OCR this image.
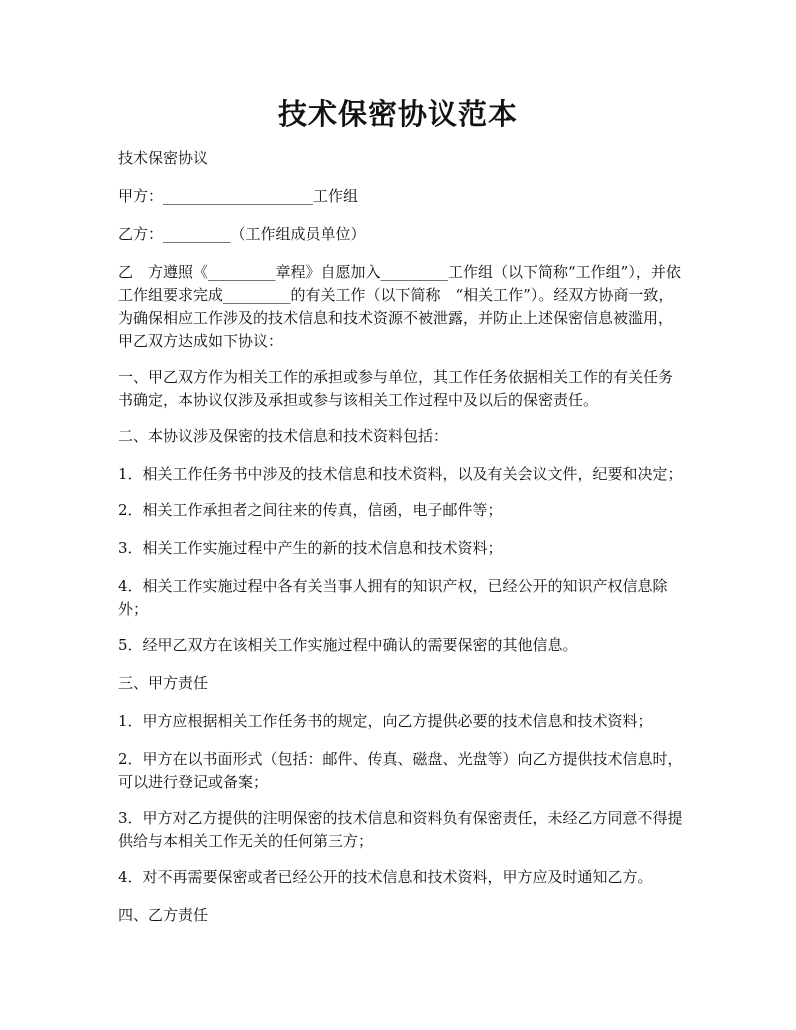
技术保密协议范本

技术保密协议

甲方：____________________工作组

乙方：_________（工作组成员单位）

乙　方遵照《_________章程》自愿加入_________工作组（以下简称“工作组”），并依工作组要求完成_________的有关工作（以下简称　“相关工作”）。经双方协商一致，为确保相应工作涉及的技术信息和技术资源不被泄露，并防止上述保密信息被滥用，甲乙双方达成如下协议：

一、甲乙双方作为相关工作的承担或参与单位，其工作任务依据相关工作的有关任务书确定，本协议仅涉及承担或参与该相关工作过程中及以后的保密责任。

二、本协议涉及保密的技术信息和技术资料包括：

1．相关工作任务书中涉及的技术信息和技术资料，以及有关会议文件，纪要和决定；

2．相关工作承担者之间往来的传真，信函，电子邮件等；

3．相关工作实施过程中产生的新的技术信息和技术资料；

4．相关工作实施过程中各有关当事人拥有的知识产权，已经公开的知识产权信息除外；

5．经甲乙双方在该相关工作实施过程中确认的需要保密的其他信息。

三、甲方责任

1．甲方应根据相关工作任务书的规定，向乙方提供必要的技术信息和技术资料；

2．甲方在以书面形式（包括：邮件、传真、磁盘、光盘等）向乙方提供技术信息时，可以进行登记或备案；

3．甲方对乙方提供的注明保密的技术信息和资料负有保密责任，未经乙方同意不得提供给与本相关工作无关的任何第三方；

4．对不再需要保密或者已经公开的技术信息和技术资料，甲方应及时通知乙方。

四、乙方责任
